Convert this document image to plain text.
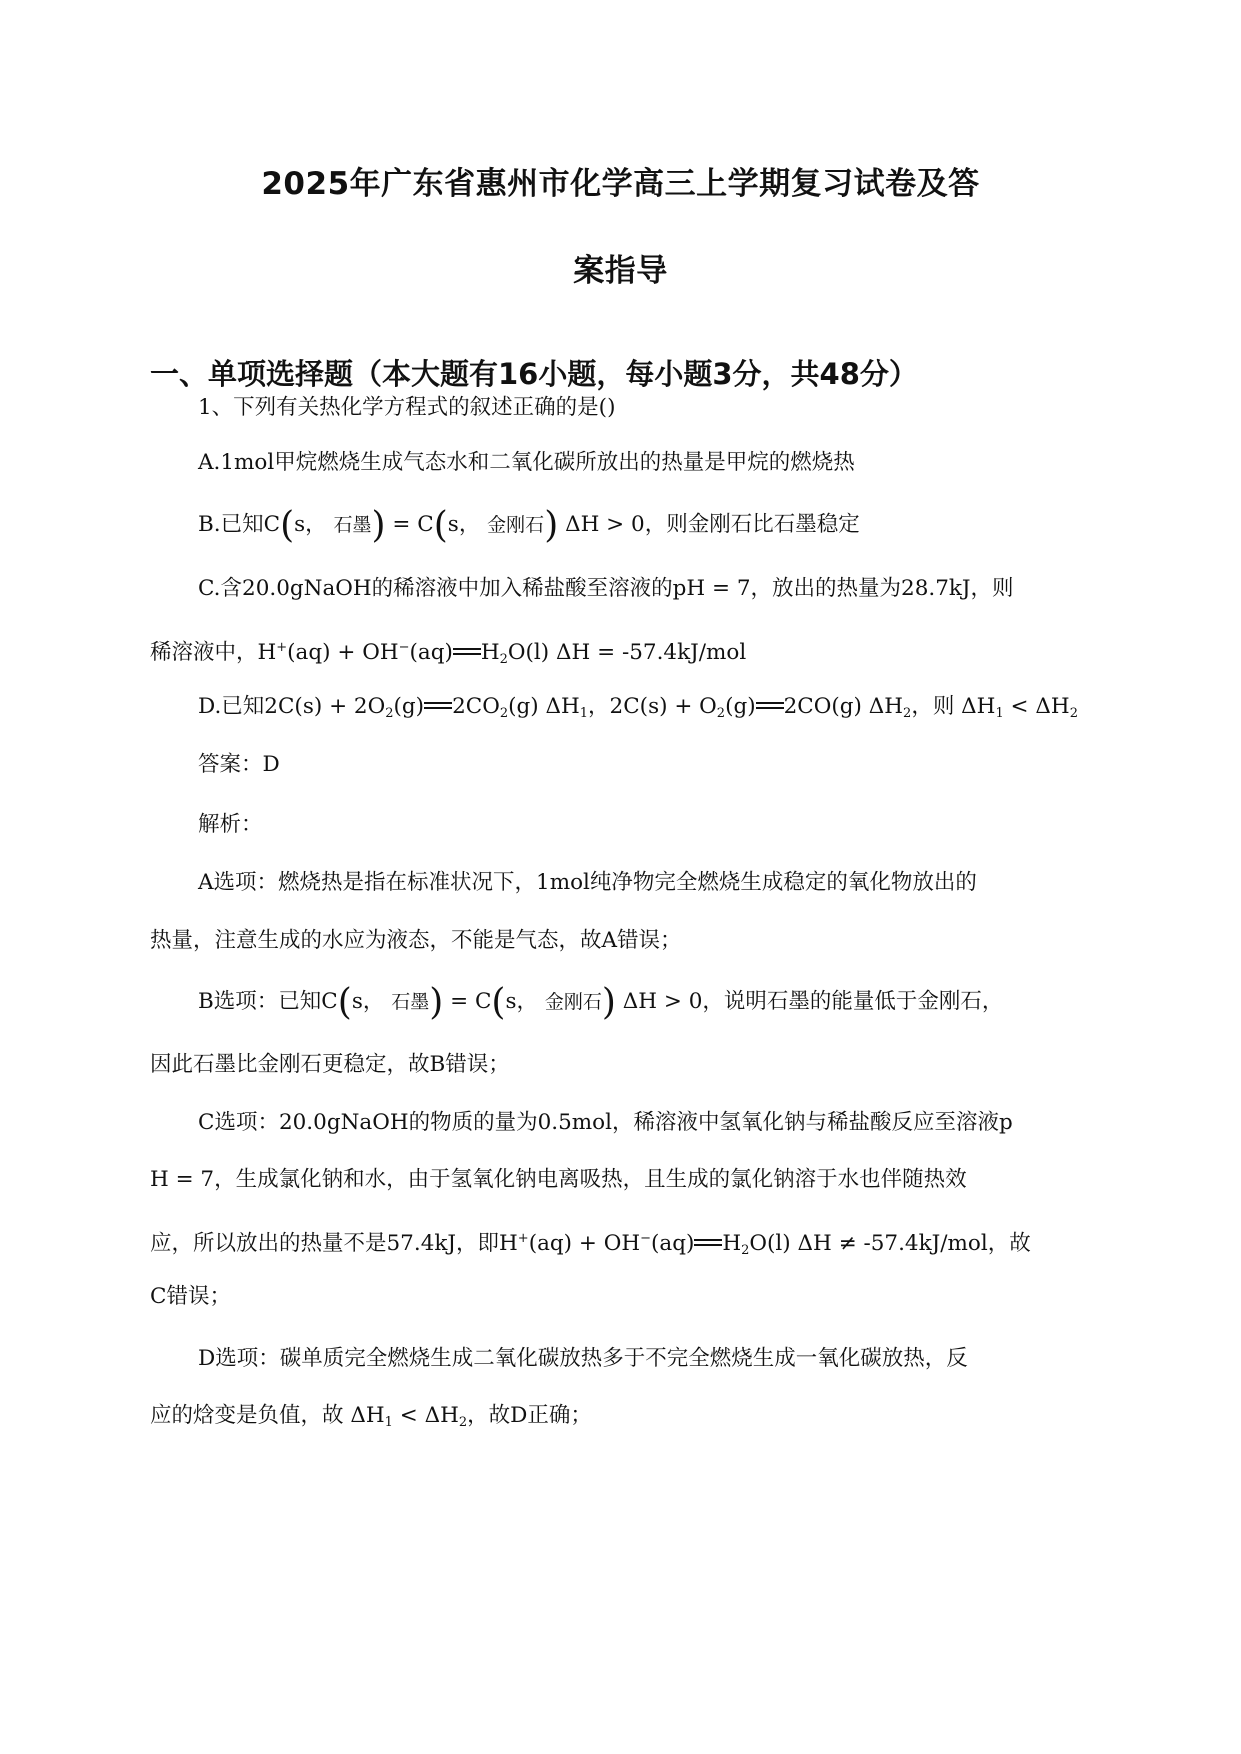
2025年广东省惠州市化学高三上学期复习试卷及答
案指导
一、单项选择题（本大题有16小题，每小题3分，共48分）
1、下列有关热化学方程式的叙述正确的是()
A.1mol甲烷燃烧生成气态水和二氧化碳所放出的热量是甲烷的燃烧热
B.已知C(s， 石墨) = C(s， 金刚石) ΔH > 0，则金刚石比石墨稳定
C.含20.0gNaOH的稀溶液中加入稀盐酸至溶液的pH = 7，放出的热量为28.7kJ，则
稀溶液中，H+(aq) + OH−(aq) $H_2O(l) \Delta H = -57.4kJ/mol$
D.已知$2C(s) + 2O_2(g)$ $2CO_2(g)$ $\Delta H_1$，$2C(s) + O_2(g)$ 2CO(g) $\Delta H_2$，则 $\Delta H_1 < \Delta H_2$
答案：D
解析：
A选项：燃烧热是指在标准状况下，1mol纯净物完全燃烧生成稳定的氧化物放出的
热量，注意生成的水应为液态，不能是气态，故A错误；
B选项：已知C(s， 石墨) = C(s， 金刚石) ΔH > 0，说明石墨的能量低于金刚石，
因此石墨比金刚石更稳定，故B错误；
C选项：20.0gNaOH的物质的量为0.5mol，稀溶液中氢氧化钠与稀盐酸反应至溶液p
H = 7，生成氯化钠和水，由于氢氧化钠电离吸热，且生成的氯化钠溶于水也伴随热效
应，所以放出的热量不是57.4kJ，即H+(aq) + OH−(aq) $H_2O(l) \Delta H \ne -57.4kJ/mol$，故
C错误；
D选项：碳单质完全燃烧生成二氧化碳放热多于不完全燃烧生成一氧化碳放热，反
应的焓变是负值，故 $\Delta H_1 < \Delta H_2$，故D正确；
